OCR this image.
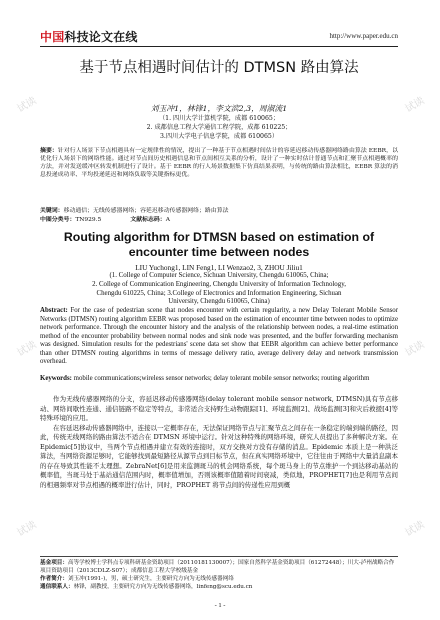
中国科技论文在线	http://www.paper.edu.cn
基于节点相遇时间估计的 DTMSN 路由算法
刘玉冲1，林锋1，李文滨2,3，周淑流1
（1. 四川大学计算机学院，成都 610065；
2. 成都信息工程大学通信工程学院，成都 610225；
3.四川大学电子信息学院，成都 610065）
摘要：针对行人场景下节点相遇具有一定规律性的情况，提出了一种基于节点相遇时间估计的容延迟移动传感器网络路由算法 EEBR，以优化行人场景下的网络性能。通过对节点间历史相遇信息和节点间相互关系的分析，设计了一种实时估计普通节点和汇聚节点相遇概率的方法，并对发送缓冲区转发机制进行了设计。基于 EEBR 的行人场景数据集下仿真结果表明，与传统的路由算法相比，EEBR 算法的消息投递成功率、平均投递延迟和网络负载等关键指标更优。
关键词：移动通信；无线传感器网络；容延迟移动传感器网络；路由算法
中图分类号：TN929.5	文献标志码：A
Routing algorithm for DTMSN based on estimation of encounter time between nodes
LIU Yuchong1, LIN Feng1, LI Wenzao2, 3, ZHOU Jiliu1
(1. College of Computer Science, Sichuan University, Chengdu 610065, China;
2. College of Communication Engineering, Chengdu University of Information Technology,
Chengdu 610225, China; 3.College of Electronics and Information Engineering, Sichuan
University, Chengdu 610065, China)
Abstract: For the case of pedestrian scene that nodes encounter with certain regularity, a new Delay Tolerant Mobile Sensor Networks (DTMSN) routing algorithm EEBR was proposed based on the estimation of encounter time between nodes to optimize network performance. Through the encounter history and the analysis of the relationship between nodes, a real-time estimation method of the encounter probability between normal nodes and sink node was presented, and the buffer forwarding mechanism was designed. Simulation results for the pedestrians' scene data set show that EEBR algorithm can achieve better performance than other DTMSN routing algorithms in terms of message delivery ratio, average delivery delay and network transmission overhead.
Keywords: mobile communications;wireless sensor networks; delay tolerant mobile sensor networks; routing algorithm

作为无线传感器网络的分支，容延迟移动传感器网络(delay tolerant mobile sensor network, DTMSN)具有节点移动、网络间歇性连通、通信链路不稳定等特点，非常适合支持野生动物跟踪[1]、环境监测[2]、战场监测[3]和灾后救援[4]等特殊环境的应用。

在容延迟移动传感器网络中，连接以一定概率存在，无法保证网络节点与汇聚节点之间存在一条稳定的端到端的路径，因此，传统无线网络的路由算法不适合在 DTMSN 环境中运行。针对这种特殊的网络环境，研究人员提出了多种解决方案。在 Epidemic[5]协议中，当两个节点相遇并建立有效的连接时，双方交换对方没有存储的消息。Epidemic 本质上是一种洪泛算法，当网络资源足够时，它能够找到最短路径从源节点到目标节点，但在真实网络环境中，它往往由于网络中大量消息副本的存在导致其性能不太理想。ZebraNet[6]是用来监测斑马的机会网络系统，每个斑马身上的节点维护一个到达移动基站的概率值，当斑马处于基站通信范围内时，概率值增加，否则该概率值随着时间衰减，类似地，PROPHET[7]也是利用节点间的相遇频率对节点相遇的概率进行估计，同时，PROPHET 将节点间的传递性应用到概

基金项目：高等学校博士学科点专项科研基金资助项目（20110181130007）；国家自然科学基金资助项目（61272448）；川大-泸州战略合作项目资助项目（2013CDLZ-S07）；成都信息工程大学校级基金
作者简介：刘玉冲(1991-)，男，硕士研究生，主要研究方向为无线传感器网络
通信联系人：林锋，副教授，主要研究方向为无线传感器网络，linfeng@scu.edu.cn
- 1 -
试读	试读
试读	试读
试读	试读
